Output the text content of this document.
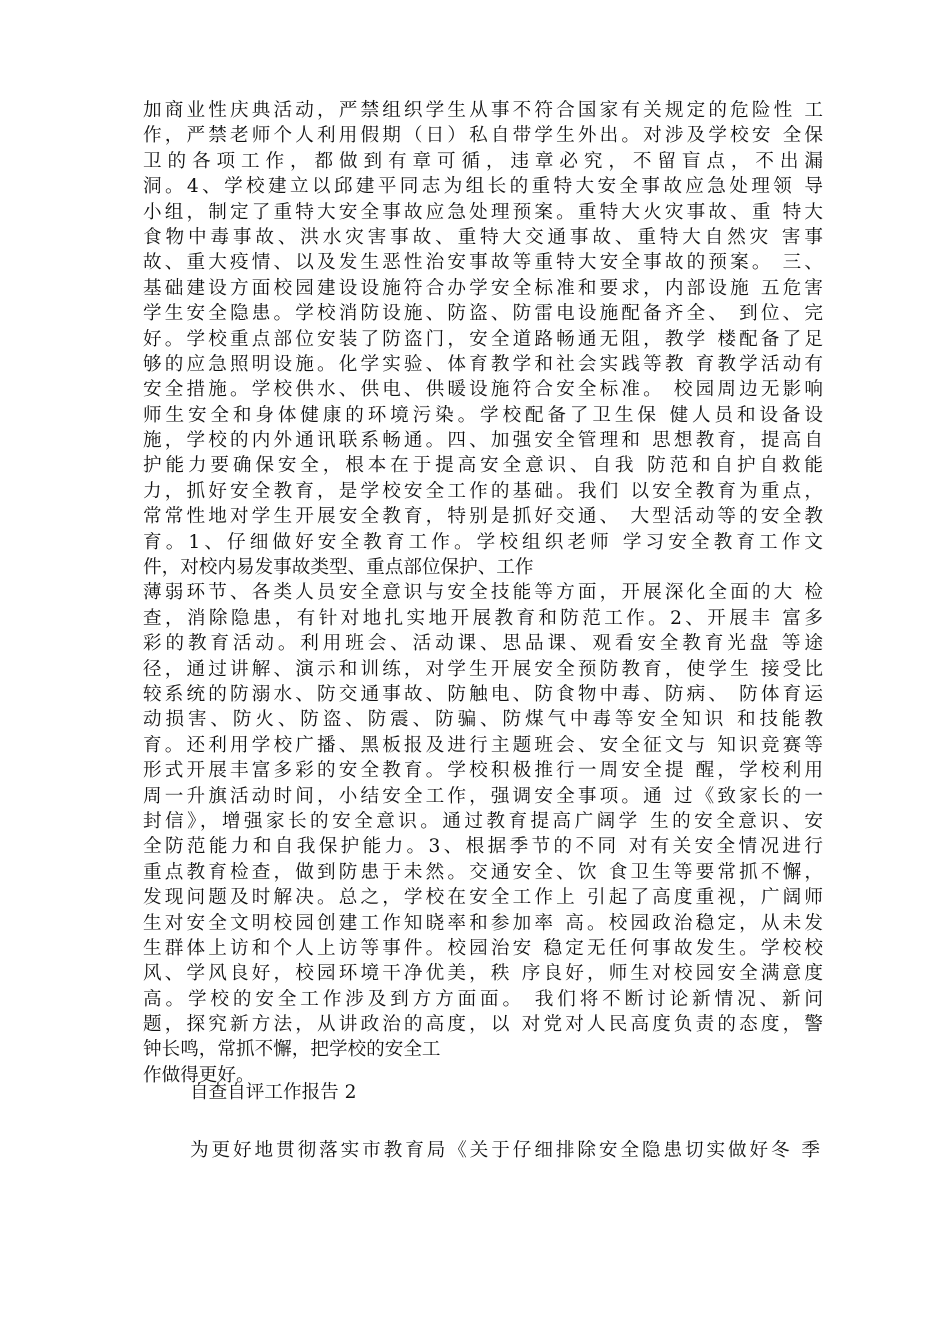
加商业性庆典活动，严禁组织学生从事不符合国家有关规定的危险性 工
作，严禁老师个人利用假期（日）私自带学生外出。对涉及学校安 全保
卫的各项工作，都做到有章可循，违章必究，不留盲点，不出漏
洞。4、学校建立以邱建平同志为组长的重特大安全事故应急处理领 导
小组，制定了重特大安全事故应急处理预案。重特大火灾事故、重 特大
食物中毒事故、洪水灾害事故、重特大交通事故、重特大自然灾 害事
故、重大疫情、以及发生恶性治安事故等重特大安全事故的预案。 三、
基础建设方面校园建设设施符合办学安全标准和要求，内部设施 五危害
学生安全隐患。学校消防设施、防盗、防雷电设施配备齐全、 到位、完
好。学校重点部位安装了防盗门，安全道路畅通无阻，教学 楼配备了足
够的应急照明设施。化学实验、体育教学和社会实践等教 育教学活动有
安全措施。学校供水、供电、供暖设施符合安全标准。 校园周边无影响
师生安全和身体健康的环境污染。学校配备了卫生保 健人员和设备设
施，学校的内外通讯联系畅通。四、加强安全管理和 思想教育，提高自
护能力要确保安全，根本在于提高安全意识、自我 防范和自护自救能
力，抓好安全教育，是学校安全工作的基础。我们 以安全教育为重点，
常常性地对学生开展安全教育，特别是抓好交通、 大型活动等的安全教
育。1、仔细做好安全教育工作。学校组织老师 学习安全教育工作文
件，对校内易发事故类型、重点部位保护、工作
薄弱环节、各类人员安全意识与安全技能等方面，开展深化全面的大 检
查，消除隐患，有针对地扎实地开展教育和防范工作。2、开展丰 富多
彩的教育活动。利用班会、活动课、思品课、观看安全教育光盘 等途
径，通过讲解、演示和训练，对学生开展安全预防教育，使学生 接受比
较系统的防溺水、防交通事故、防触电、防食物中毒、防病、 防体育运
动损害、防火、防盗、防震、防骗、防煤气中毒等安全知识 和技能教
育。还利用学校广播、黑板报及进行主题班会、安全征文与 知识竞赛等
形式开展丰富多彩的安全教育。学校积极推行一周安全提 醒，学校利用
周一升旗活动时间，小结安全工作，强调安全事项。通 过《致家长的一
封信》，增强家长的安全意识。通过教育提高广阔学 生的安全意识、安
全防范能力和自我保护能力。3、根据季节的不同 对有关安全情况进行
重点教育检查，做到防患于未然。交通安全、饮 食卫生等要常抓不懈，
发现问题及时解决。总之，学校在安全工作上 引起了高度重视，广阔师
生对安全文明校园创建工作知晓率和参加率 高。校园政治稳定，从未发
生群体上访和个人上访等事件。校园治安 稳定无任何事故发生。学校校
风、学风良好，校园环境干净优美，秩 序良好，师生对校园安全满意度
高。学校的安全工作涉及到方方面面。 我们将不断讨论新情况、新问
题，探究新方法，从讲政治的高度，以 对党对人民高度负责的态度，警
钟长鸣，常抓不懈，把学校的安全工
作做得更好。
自查自评工作报告 2
为更好地贯彻落实市教育局《关于仔细排除安全隐患切实做好冬 季
